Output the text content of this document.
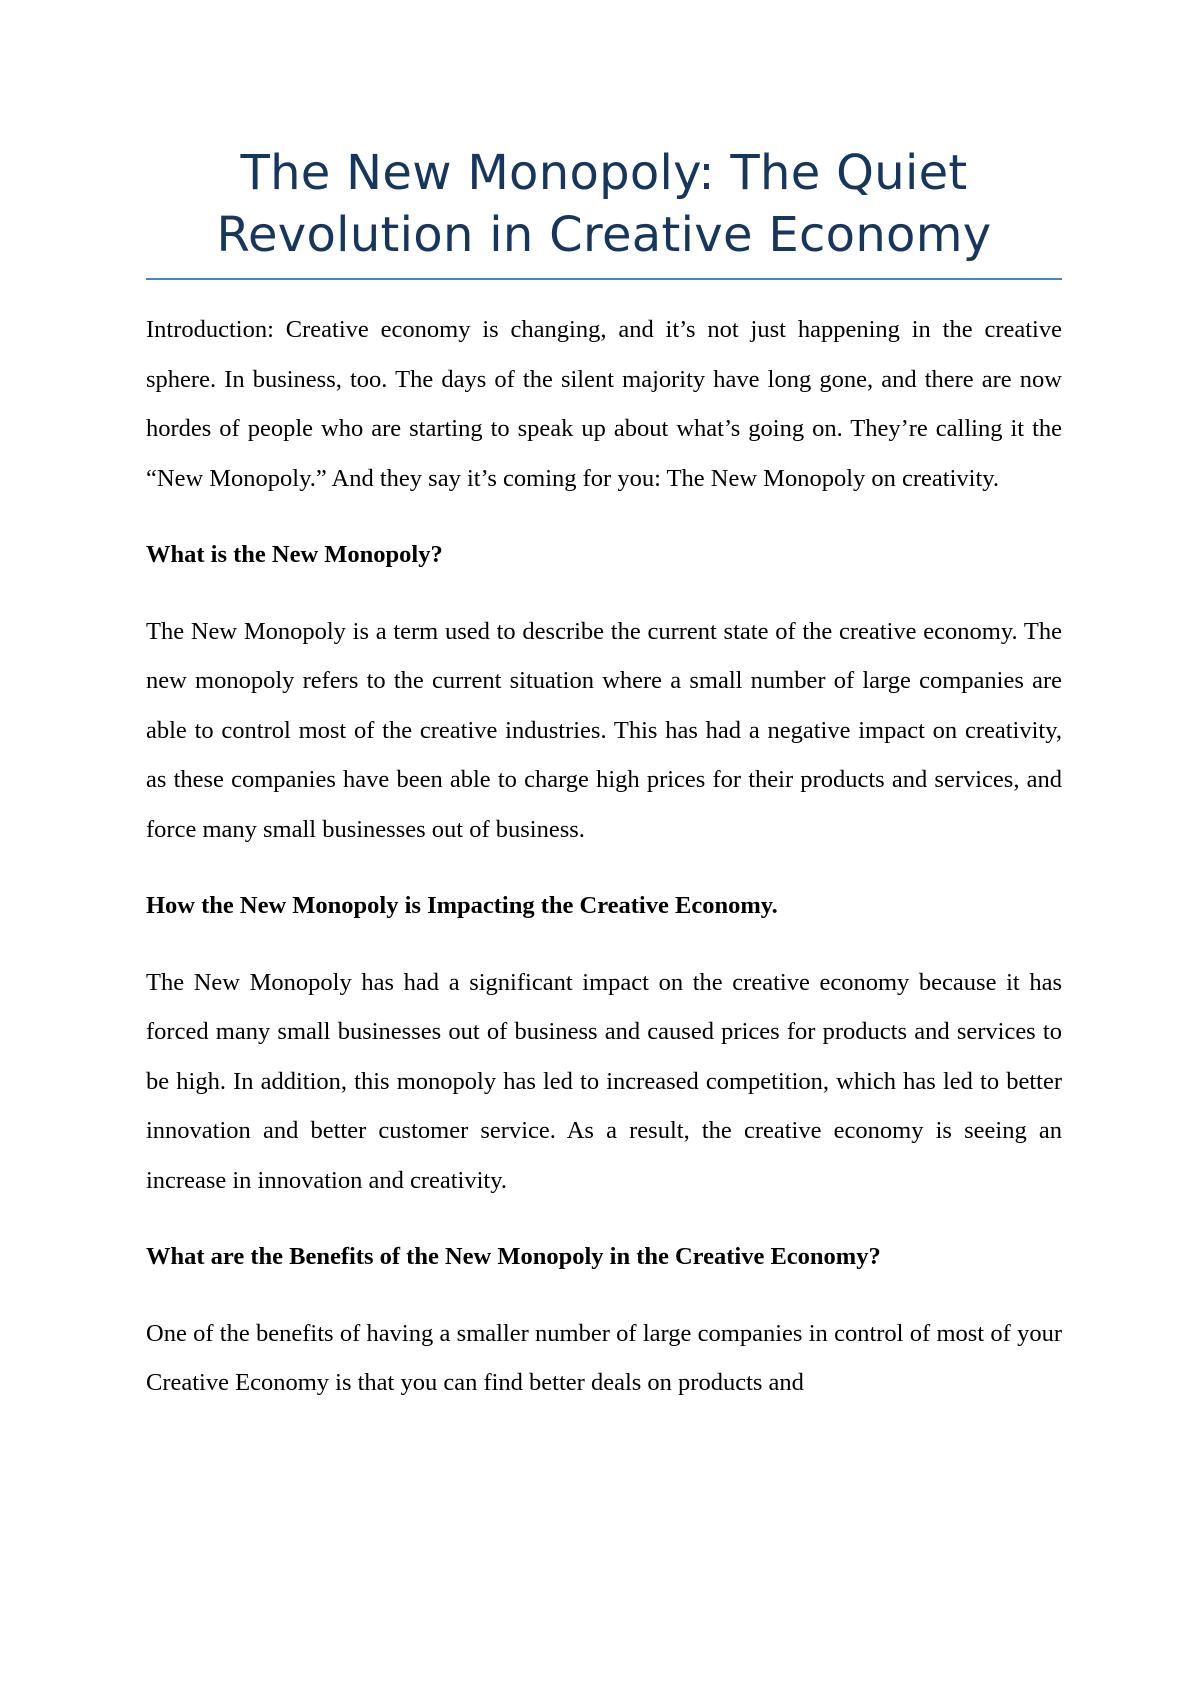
The New Monopoly: The Quiet
Revolution in Creative Economy

Introduction: Creative economy is changing, and it’s not just happening in the creative sphere. In business, too. The days of the silent majority have long gone, and there are now hordes of people who are starting to speak up about what’s going on. They’re calling it the “New Monopoly.” And they say it’s coming for you: The New Monopoly on creativity.

What is the New Monopoly?

The New Monopoly is a term used to describe the current state of the creative economy. The new monopoly refers to the current situation where a small number of large companies are able to control most of the creative industries. This has had a negative impact on creativity, as these companies have been able to charge high prices for their products and services, and force many small businesses out of business.

How the New Monopoly is Impacting the Creative Economy.

The New Monopoly has had a significant impact on the creative economy because it has forced many small businesses out of business and caused prices for products and services to be high. In addition, this monopoly has led to increased competition, which has led to better innovation and better customer service. As a result, the creative economy is seeing an increase in innovation and creativity.

What are the Benefits of the New Monopoly in the Creative Economy?

One of the benefits of having a smaller number of large companies in control of most of your Creative Economy is that you can find better deals on products and
